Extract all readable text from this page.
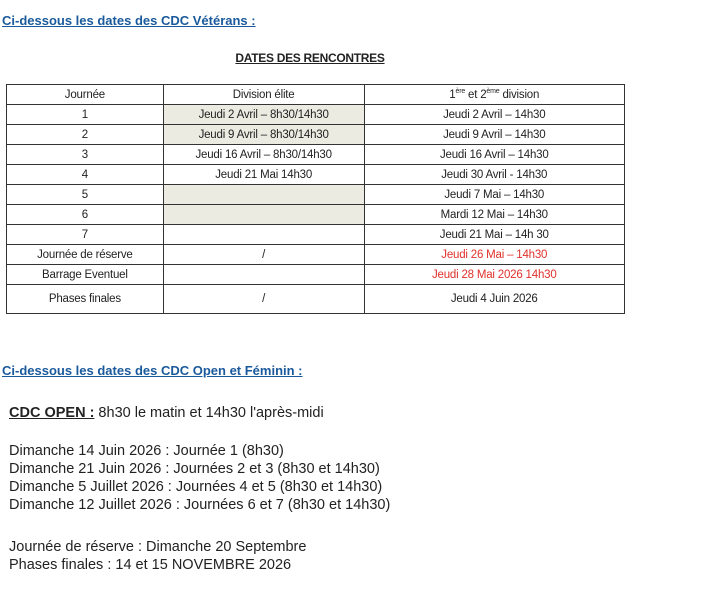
Ci-dessous les dates des CDC Vétérans :
DATES DES RENCONTRES
Journée	Division élite	1ère et 2ème division
1	Jeudi 2 Avril – 8h30/14h30	Jeudi 2 Avril – 14h30
2	Jeudi 9 Avril – 8h30/14h30	Jeudi 9 Avril – 14h30
3	Jeudi 16 Avril – 8h30/14h30	Jeudi 16 Avril – 14h30
4	Jeudi 21 Mai 14h30	Jeudi 30 Avril - 14h30
5		Jeudi 7 Mai – 14h30
6		Mardi 12 Mai – 14h30
7		Jeudi 21 Mai – 14h 30
Journée de réserve	/	Jeudi 26 Mai – 14h30
Barrage Eventuel		Jeudi 28 Mai 2026 14h30
Phases finales	/	Jeudi 4 Juin 2026
Ci-dessous les dates des CDC Open et Féminin :
CDC OPEN : 8h30 le matin et 14h30 l'après-midi
Dimanche 14 Juin 2026 : Journée 1 (8h30)
Dimanche 21 Juin 2026 : Journées 2 et 3 (8h30 et 14h30)
Dimanche 5 Juillet 2026 : Journées 4 et 5 (8h30 et 14h30)
Dimanche 12 Juillet 2026 : Journées 6 et 7 (8h30 et 14h30)
Journée de réserve : Dimanche 20 Septembre
Phases finales : 14 et 15 NOVEMBRE 2026
